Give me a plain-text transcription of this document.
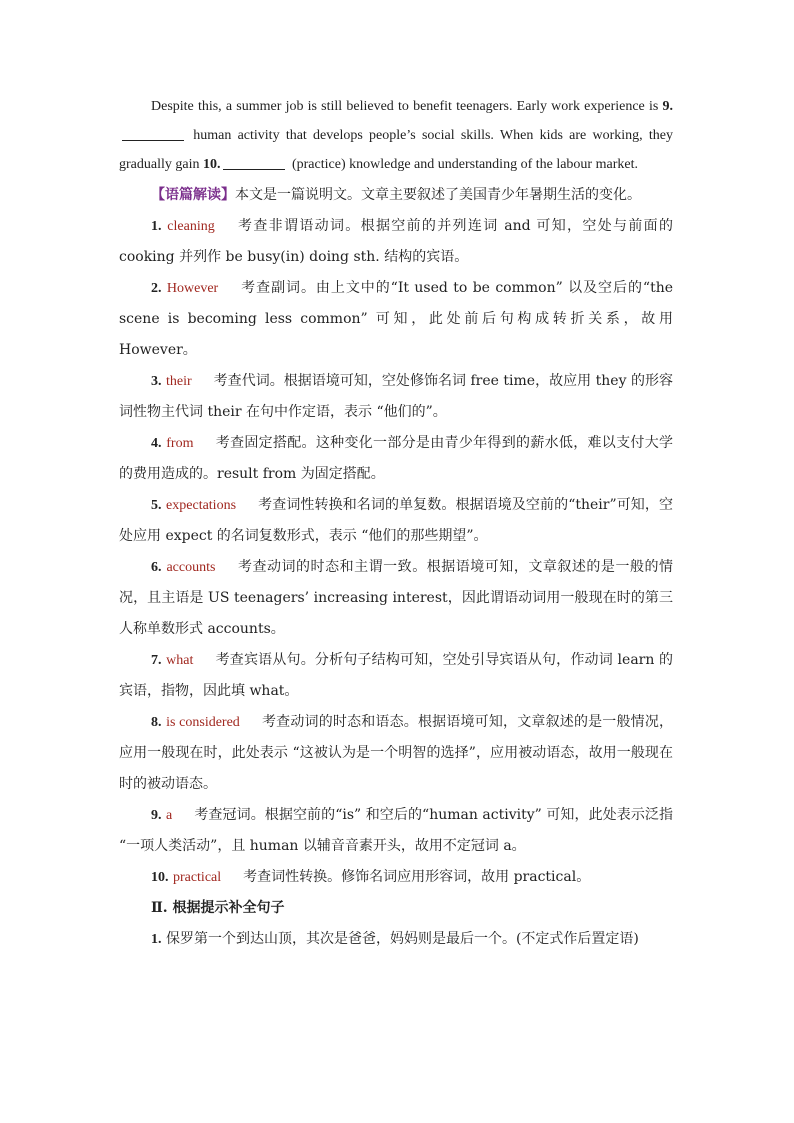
Despite this, a summer job is still believed to benefit teenagers. Early work experience is 9. human activity that develops people’s social skills. When kids are working, they gradually gain 10.	(practice) knowledge and understanding of the labour market.

【语篇解读】本文是一篇说明文。文章主要叙述了美国青少年暑期生活的变化。

1. cleaning 考查非谓语动词。根据空前的并列连词 and 可知，空处与前面的 cooking 并列作 be busy(in) doing sth. 结构的宾语。

2. However 考查副词。由上文中的“It used to be common” 以及空后的“the scene is becoming less common” 可知，此处前后句构成转折关系，故用 However。

3. their 考查代词。根据语境可知，空处修饰名词 free time，故应用 they 的形容词性物主代词 their 在句中作定语，表示 “他们的”。

4. from 考查固定搭配。这种变化一部分是由青少年得到的薪水低，难以支付大学的费用造成的。result from 为固定搭配。

5. expectations 考查词性转换和名词的单复数。根据语境及空前的“their”可知，空处应用 expect 的名词复数形式，表示 “他们的那些期望”。

6. accounts 考查动词的时态和主谓一致。根据语境可知，文章叙述的是一般的情况，且主语是 US teenagers’ increasing interest，因此谓语动词用一般现在时的第三人称单数形式 accounts。

7. what 考查宾语从句。分析句子结构可知，空处引导宾语从句，作动词 learn 的宾语，指物，因此填 what。

8. is considered 考查动词的时态和语态。根据语境可知，文章叙述的是一般情况，应用一般现在时，此处表示 “这被认为是一个明智的选择”，应用被动语态，故用一般现在时的被动语态。

9. a 考查冠词。根据空前的“is” 和空后的“human activity” 可知，此处表示泛指 “一项人类活动”，且 human 以辅音音素开头，故用不定冠词 a。

10. practical 考查词性转换。修饰名词应用形容词，故用 practical。

Ⅱ. 根据提示补全句子

1. 保罗第一个到达山顶，其次是爸爸，妈妈则是最后一个。(不定式作后置定语)
